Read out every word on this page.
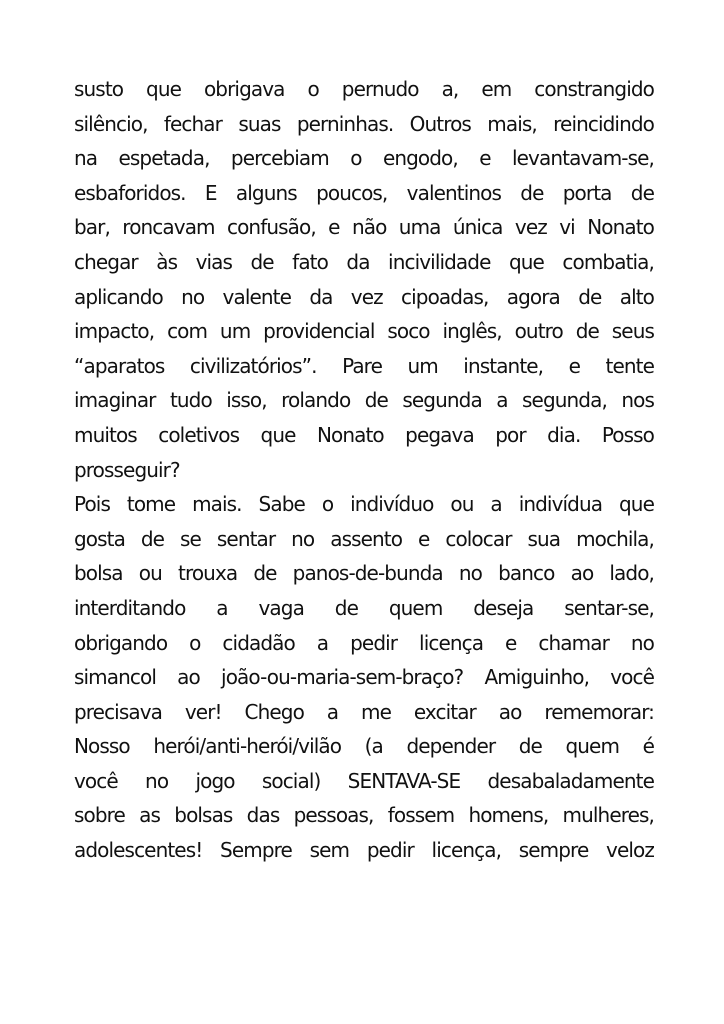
susto que obrigava o pernudo a, em constrangido
silêncio, fechar suas perninhas. Outros mais, reincidindo
na espetada, percebiam o engodo, e levantavam-se,
esbaforidos. E alguns poucos, valentinos de porta de
bar, roncavam confusão, e não uma única vez vi Nonato
chegar às vias de fato da incivilidade que combatia,
aplicando no valente da vez cipoadas, agora de alto
impacto, com um providencial soco inglês, outro de seus
“aparatos civilizatórios”. Pare um instante, e tente
imaginar tudo isso, rolando de segunda a segunda, nos
muitos coletivos que Nonato pegava por dia. Posso
prosseguir?
Pois tome mais. Sabe o indivíduo ou a indivídua que
gosta de se sentar no assento e colocar sua mochila,
bolsa ou trouxa de panos-de-bunda no banco ao lado,
interditando a vaga de quem deseja sentar-se,
obrigando o cidadão a pedir licença e chamar no
simancol ao joão-ou-maria-sem-braço? Amiguinho, você
precisava ver! Chego a me excitar ao rememorar:
Nosso herói/anti-herói/vilão (a depender de quem é
você no jogo social) SENTAVA-SE desabaladamente
sobre as bolsas das pessoas, fossem homens, mulheres,
adolescentes! Sempre sem pedir licença, sempre veloz
